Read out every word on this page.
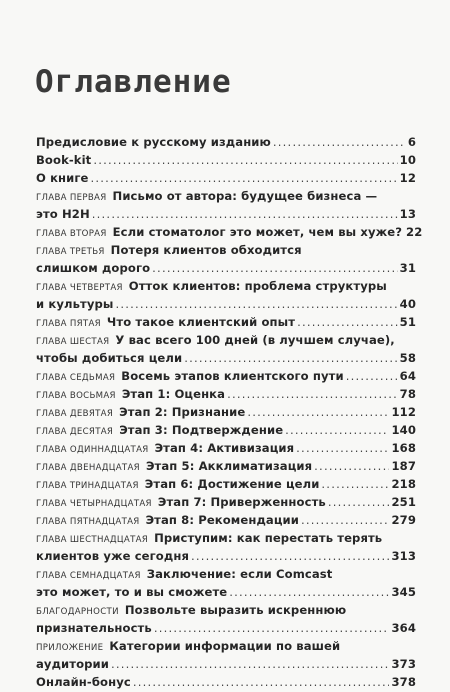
Оглавление
Предисловие к русскому изданию .....	6
Book-kit .....	10
О книге .....	12
ГЛАВА ПЕРВАЯ Письмо от автора: будущее бизнеса —
это H2H .....	13
ГЛАВА ВТОРАЯ Если стоматолог это может, чем вы хуже? 22
ГЛАВА ТРЕТЬЯ Потеря клиентов обходится
слишком дорого .....	31
ГЛАВА ЧЕТВЕРТАЯ Отток клиентов: проблема структуры
и культуры .....	40
ГЛАВА ПЯТАЯ Что такое клиентский опыт .....	51
ГЛАВА ШЕСТАЯ У вас всего 100 дней (в лучшем случае),
чтобы добиться цели .....	58
ГЛАВА СЕДЬМАЯ Восемь этапов клиентского пути .....	64
ГЛАВА ВОСЬМАЯ Этап 1: Оценка .....	78
ГЛАВА ДЕВЯТАЯ Этап 2: Признание .....	112
ГЛАВА ДЕСЯТАЯ Этап 3: Подтверждение .....	140
ГЛАВА ОДИННАДЦАТАЯ Этап 4: Активизация .....	168
ГЛАВА ДВЕНАДЦАТАЯ Этап 5: Акклиматизация .....	187
ГЛАВА ТРИНАДЦАТАЯ Этап 6: Достижение цели .....	218
ГЛАВА ЧЕТЫРНАДЦАТАЯ Этап 7: Приверженность .....	251
ГЛАВА ПЯТНАДЦАТАЯ Этап 8: Рекомендации .....	279
ГЛАВА ШЕСТНАДЦАТАЯ Приступим: как перестать терять
клиентов уже сегодня .....	313
ГЛАВА СЕМНАДЦАТАЯ Заключение: если Comcast
это может, то и вы сможете .....	345
БЛАГОДАРНОСТИ Позвольте выразить искреннюю
признательность .....	364
ПРИЛОЖЕНИЕ Категории информации по вашей
аудитории .....	373
Онлайн-бонус .....	378
